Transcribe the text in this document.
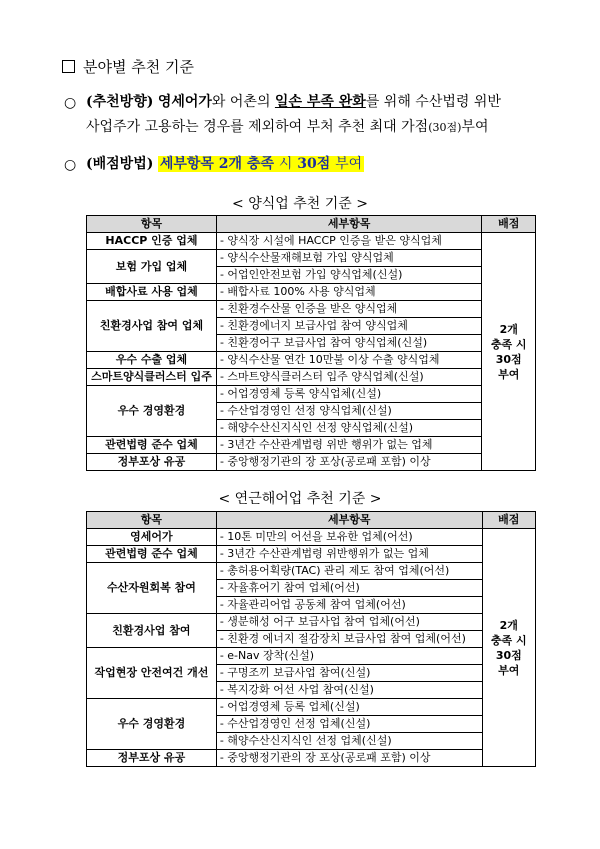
분야별 추천 기준
○ (추천방향) 영세어가와 어촌의 일손 부족 완화를 위해 수산법령 위반
사업주가 고용하는 경우를 제외하여 부처 추천 최대 가점(30점)부여
○ (배점방법) 세부항목 2개 충족 시 30점 부여
< 양식업 추천 기준 >
항목	세부항목	배점
HACCP 인증 업체	- 양식장 시설에 HACCP 인증을 받은 양식업체	2개
충족 시
30점
부여

보험 가입 업체	- 양식수산물재해보험 가입 양식업체	
	- 어업인안전보험 가입 양식업체(신설)	
배합사료 사용 업체	- 배합사료 100% 사용 양식업체	
친환경사업 참여 업체	- 친환경수산물 인증을 받은 양식업체	
	- 친환경에너지 보급사업 참여 양식업체	
	- 친환경어구 보급사업 참여 양식업체(신설)	
우수 수출 업체	- 양식수산물 연간 10만불 이상 수출 양식업체	
스마트양식클러스터 입주	- 스마트양식클러스터 입주 양식업체(신설)	
우수 경영환경	- 어업경영체 등록 양식업체(신설)	
	- 수산업경영인 선정 양식업체(신설)	
	- 해양수산신지식인 선정 양식업체(신설)	
관련법령 준수 업체	- 3년간 수산관계법령 위반 행위가 없는 업체	
정부포상 유공	- 중앙행정기관의 장 포상(공로패 포함) 이상	
< 연근해어업 추천 기준 >
항목	세부항목	배점
영세어가	- 10톤 미만의 어선을 보유한 업체(어선)	2개
충족 시
30점
부여

관련법령 준수 업체	- 3년간 수산관계법령 위반행위가 없는 업체	
수산자원회복 참여	- 총허용어획량(TAC) 관리 제도 참여 업체(어선)	
	- 자율휴어기 참여 업체(어선)	
	- 자율관리어업 공동체 참여 업체(어선)	
친환경사업 참여	- 생분해성 어구 보급사업 참여 업체(어선)	
	- 친환경 에너지 절감장치 보급사업 참여 업체(어선)	
작업현장 안전여건 개선	- e-Nav 장착(신설)	
	- 구명조끼 보급사업 참여(신설)	
	- 복지강화 어선 사업 참여(신설)	
우수 경영환경	- 어업경영체 등록 업체(신설)	
	- 수산업경영인 선정 업체(신설)	
	- 해양수산신지식인 선정 업체(신설)	
정부포상 유공	- 중앙행정기관의 장 포상(공로패 포함) 이상	
